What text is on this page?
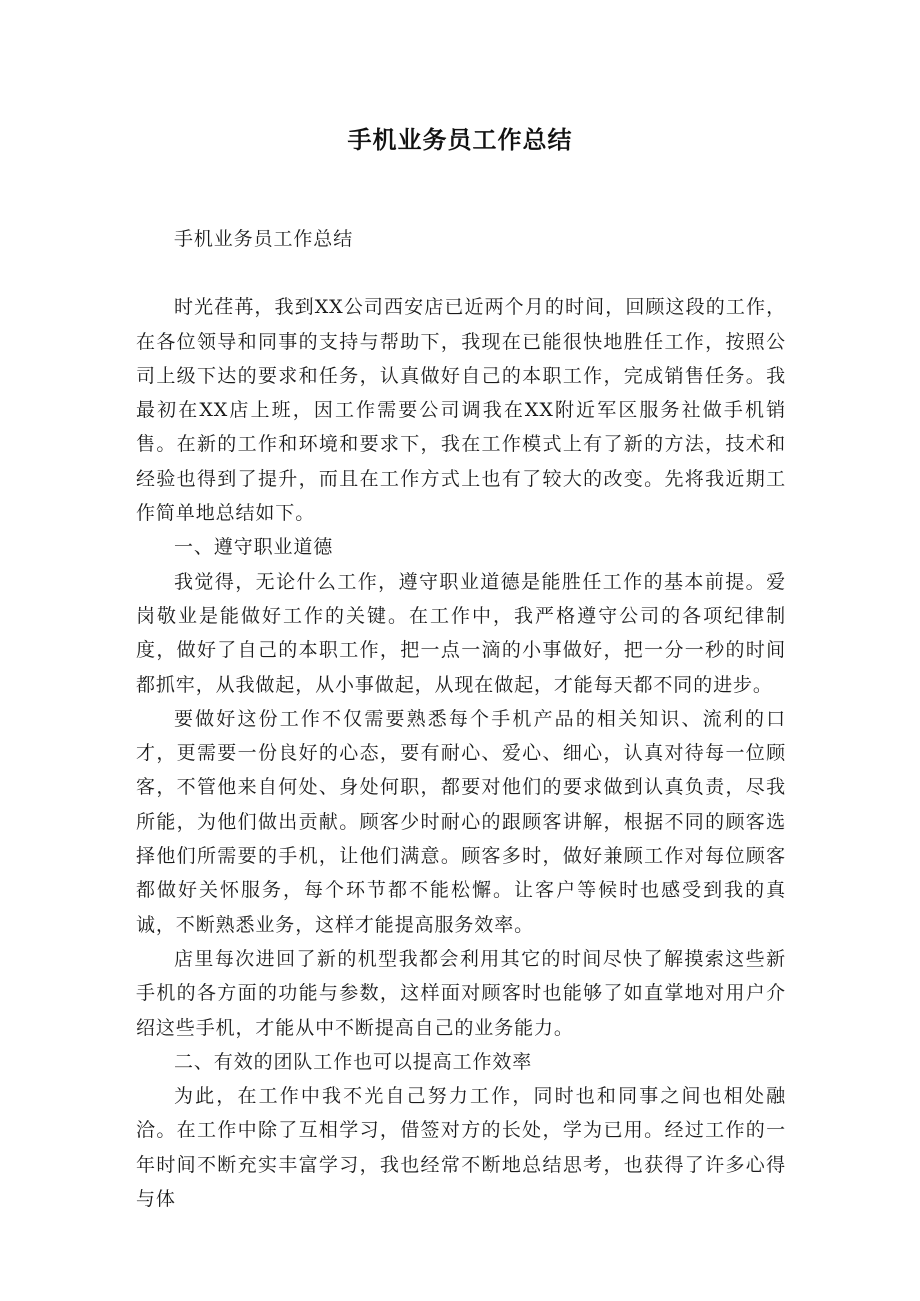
手机业务员工作总结

手机业务员工作总结

时光荏苒，我到XX公司西安店已近两个月的时间，回顾这段的工作，在各位领导和同事的支持与帮助下，我现在已能很快地胜任工作，按照公司上级下达的要求和任务，认真做好自己的本职工作，完成销售任务。我最初在XX店上班，因工作需要公司调我在XX附近军区服务社做手机销售。在新的工作和环境和要求下，我在工作模式上有了新的方法，技术和经验也得到了提升，而且在工作方式上也有了较大的改变。先将我近期工作简单地总结如下。

一、遵守职业道德

我觉得，无论什么工作，遵守职业道德是能胜任工作的基本前提。爱岗敬业是能做好工作的关键。在工作中，我严格遵守公司的各项纪律制度，做好了自己的本职工作，把一点一滴的小事做好，把一分一秒的时间都抓牢，从我做起，从小事做起，从现在做起，才能每天都不同的进步。

要做好这份工作不仅需要熟悉每个手机产品的相关知识、流利的口才，更需要一份良好的心态，要有耐心、爱心、细心，认真对待每一位顾客，不管他来自何处、身处何职，都要对他们的要求做到认真负责，尽我所能，为他们做出贡献。顾客少时耐心的跟顾客讲解，根据不同的顾客选择他们所需要的手机，让他们满意。顾客多时，做好兼顾工作对每位顾客都做好关怀服务，每个环节都不能松懈。让客户等候时也感受到我的真诚，不断熟悉业务，这样才能提高服务效率。

店里每次进回了新的机型我都会利用其它的时间尽快了解摸索这些新手机的各方面的功能与参数，这样面对顾客时也能够了如直掌地对用户介绍这些手机，才能从中不断提高自己的业务能力。

二、有效的团队工作也可以提高工作效率

为此，在工作中我不光自己努力工作，同时也和同事之间也相处融洽。在工作中除了互相学习，借签对方的长处，学为已用。经过工作的一年时间不断充实丰富学习，我也经常不断地总结思考，也获得了许多心得与体
